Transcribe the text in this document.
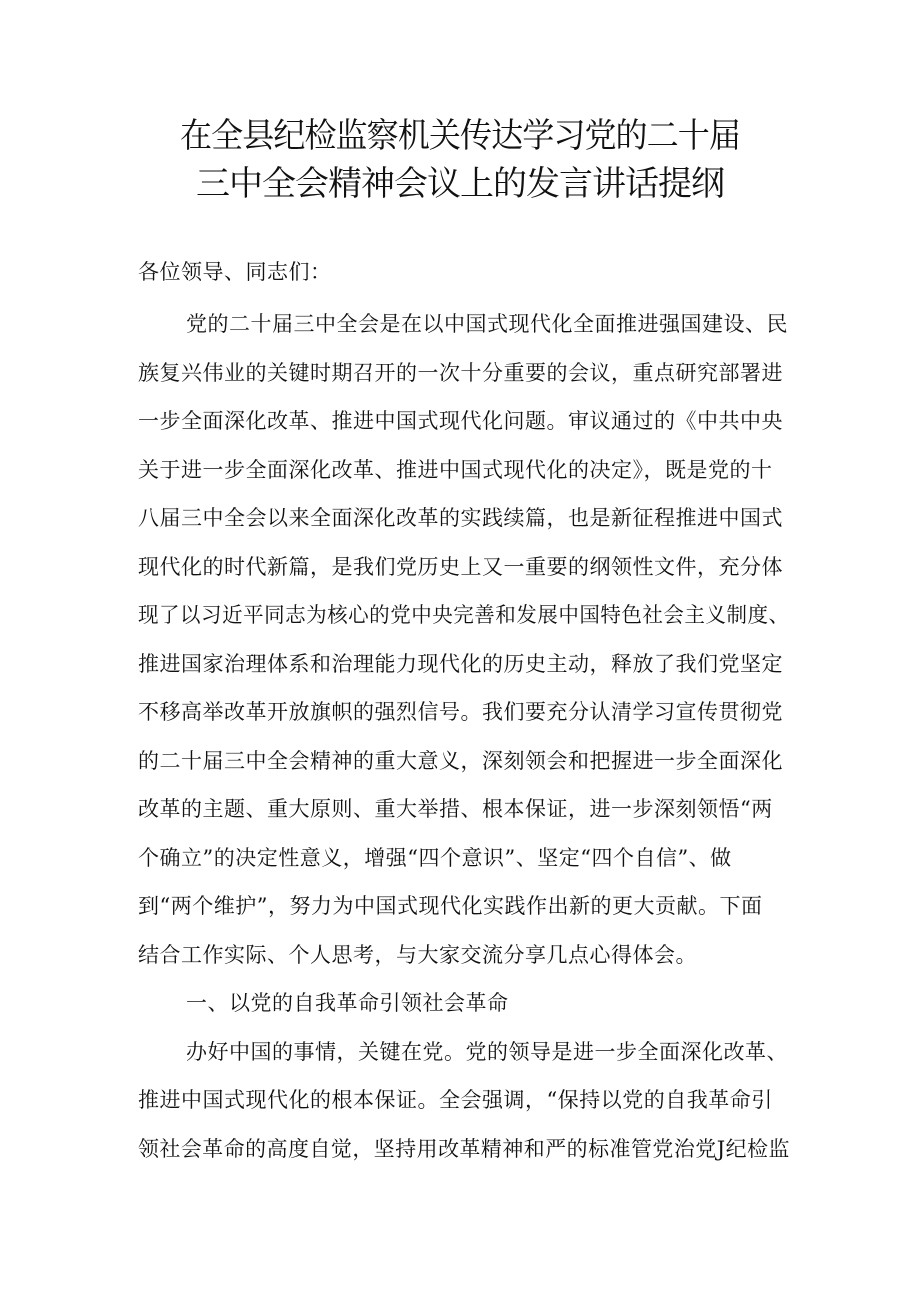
在全县纪检监察机关传达学习党的二十届
三中全会精神会议上的发言讲话提纲
各位领导、同志们：
党的二十届三中全会是在以中国式现代化全面推进强国建设、民
族复兴伟业的关键时期召开的一次十分重要的会议，重点研究部署进
一步全面深化改革、推进中国式现代化问题。审议通过的《中共中央
关于进一步全面深化改革、推进中国式现代化的决定》，既是党的十
八届三中全会以来全面深化改革的实践续篇，也是新征程推进中国式
现代化的时代新篇，是我们党历史上又一重要的纲领性文件，充分体
现了以习近平同志为核心的党中央完善和发展中国特色社会主义制度、
推进国家治理体系和治理能力现代化的历史主动，释放了我们党坚定
不移高举改革开放旗帜的强烈信号。我们要充分认清学习宣传贯彻党
的二十届三中全会精神的重大意义，深刻领会和把握进一步全面深化
改革的主题、重大原则、重大举措、根本保证，进一步深刻领悟“两
个确立”的决定性意义，增强“四个意识”、坚定“四个自信”、做
到“两个维护”，努力为中国式现代化实践作出新的更大贡献。下面
结合工作实际、个人思考，与大家交流分享几点心得体会。
一、以党的自我革命引领社会革命
办好中国的事情，关键在党。党的领导是进一步全面深化改革、
推进中国式现代化的根本保证。全会强调，“保持以党的自我革命引
领社会革命的高度自觉，坚持用改革精神和严的标准管党治党J纪检监
